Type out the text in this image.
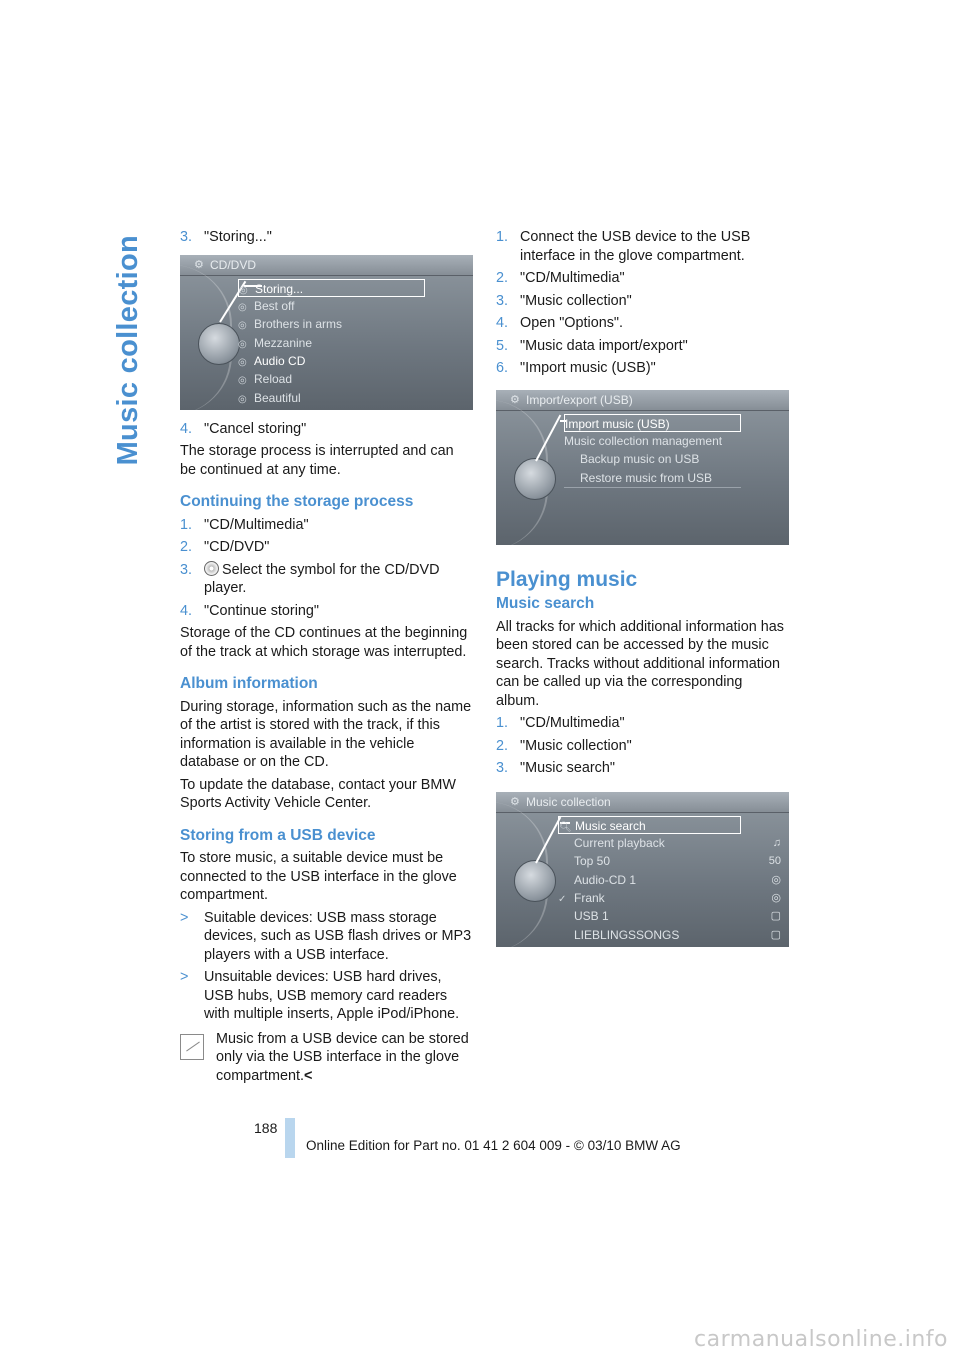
Music collection	3. "Storing..."
⚙ CD/DVD
◎ Storing...
◎ Best off
◎ Brothers in arms
◎ Mezzanine
◎ Audio CD
◎ Reload
◎ Beautiful
4. "Cancel storing"

The storage process is interrupted and can be continued at any time.

Continuing the storage process
1. "CD/Multimedia"
2. "CD/DVD"
3.	Select the symbol for the CD/DVD player.
4. "Continue storing"

Storage of the CD continues at the beginning of the track at which storage was interrupted.

Album information

During storage, information such as the name of the artist is stored with the track, if this information is available in the vehicle database or on the CD.

To update the database, contact your BMW Sports Activity Vehicle Center.

Storing from a USB device

To store music, a suitable device must be connected to the USB interface in the glove compartment.

>	Suitable devices: USB mass storage devices, such as USB flash drives or MP3 players with a USB interface.
>	Unsuitable devices: USB hard drives, USB hubs, USB memory card readers with multiple inserts, Apple iPod/iPhone.
Music from a USB device can be stored only via the USB interface in the glove compartment.<
1. Connect the USB device to the USB interface in the glove compartment.
2. "CD/Multimedia"
3. "Music collection"
4. Open "Options".
5. "Music data import/export"
6. "Import music (USB)"
⚙ Import/export (USB)
Import music (USB)
Music collection management
Backup music on USB
Restore music from USB
Playing music
Music search

All tracks for which additional information has been stored can be accessed by the music search. Tracks without additional information can be called up via the corresponding album.

1. "CD/Multimedia"
2. "Music collection"
3. "Music search"
⚙ Music collection
🔍︎ Music search
Current playback	♫
Top 50	50
Audio-CD 1	◎
✓ Frank	◎
USB 1	▢
LIEBLINGSSONGS	▢
188
Online Edition for Part no. 01 41 2 604 009 - © 03/10 BMW AG
carmanualsonline.info
